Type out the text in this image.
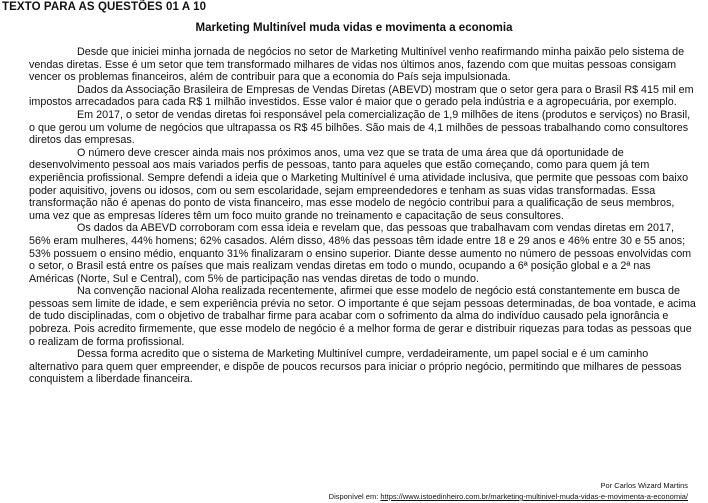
TEXTO PARA AS QUESTÕES 01 A 10
Marketing Multinível muda vidas e movimenta a economia

Desde que iniciei minha jornada de negócios no setor de Marketing Multinível venho reafirmando minha paixão pelo sistema de vendas diretas. Esse é um setor que tem transformado milhares de vidas nos últimos anos, fazendo com que muitas pessoas consigam vencer os problemas financeiros, além de contribuir para que a economia do País seja impulsionada.

Dados da Associação Brasileira de Empresas de Vendas Diretas (ABEVD) mostram que o setor gera para o Brasil R$ 415 mil em impostos arrecadados para cada R$ 1 milhão investidos. Esse valor é maior que o gerado pela indústria e a agropecuária, por exemplo.

Em 2017, o setor de vendas diretas foi responsável pela comercialização de 1,9 milhões de itens (produtos e serviços) no Brasil, o que gerou um volume de negócios que ultrapassa os R$ 45 bilhões. São mais de 4,1 milhões de pessoas trabalhando como consultores diretos das empresas.

O número deve crescer ainda mais nos próximos anos, uma vez que se trata de uma área que dá oportunidade de desenvolvimento pessoal aos mais variados perfis de pessoas, tanto para aqueles que estão começando, como para quem já tem experiência profissional. Sempre defendi a ideia que o Marketing Multinível é uma atividade inclusiva, que permite que pessoas com baixo poder aquisitivo, jovens ou idosos, com ou sem escolaridade, sejam empreendedores e tenham as suas vidas transformadas. Essa transformação não é apenas do ponto de vista financeiro, mas esse modelo de negócio contribui para a qualificação de seus membros, uma vez que as empresas líderes têm um foco muito grande no treinamento e capacitação de seus consultores.

Os dados da ABEVD corroboram com essa ideia e revelam que, das pessoas que trabalhavam com vendas diretas em 2017, 56% eram mulheres, 44% homens; 62% casados. Além disso, 48% das pessoas têm idade entre 18 e 29 anos e 46% entre 30 e 55 anos; 53% possuem o ensino médio, enquanto 31% finalizaram o ensino superior. Diante desse aumento no número de pessoas envolvidas com o setor, o Brasil está entre os países que mais realizam vendas diretas em todo o mundo, ocupando a 6ª posição global e a 2ª nas Américas (Norte, Sul e Central), com 5% de participação nas vendas diretas de todo o mundo.

Na convenção nacional Aloha realizada recentemente, afirmei que esse modelo de negócio está constantemente em busca de pessoas sem limite de idade, e sem experiência prévia no setor. O importante é que sejam pessoas determinadas, de boa vontade, e acima de tudo disciplinadas, com o objetivo de trabalhar firme para acabar com o sofrimento da alma do indivíduo causado pela ignorância e pobreza. Pois acredito firmemente, que esse modelo de negócio é a melhor forma de gerar e distribuir riquezas para todas as pessoas que o realizam de forma profissional.

Dessa forma acredito que o sistema de Marketing Multinível cumpre, verdadeiramente, um papel social e é um caminho alternativo para quem quer empreender, e dispõe de poucos recursos para iniciar o próprio negócio, permitindo que milhares de pessoas conquistem a liberdade financeira.

Por Carlos Wizard Martins
Disponível em: https://www.istoedinheiro.com.br/marketing-multinivel-muda-vidas-e-movimenta-a-economia/
